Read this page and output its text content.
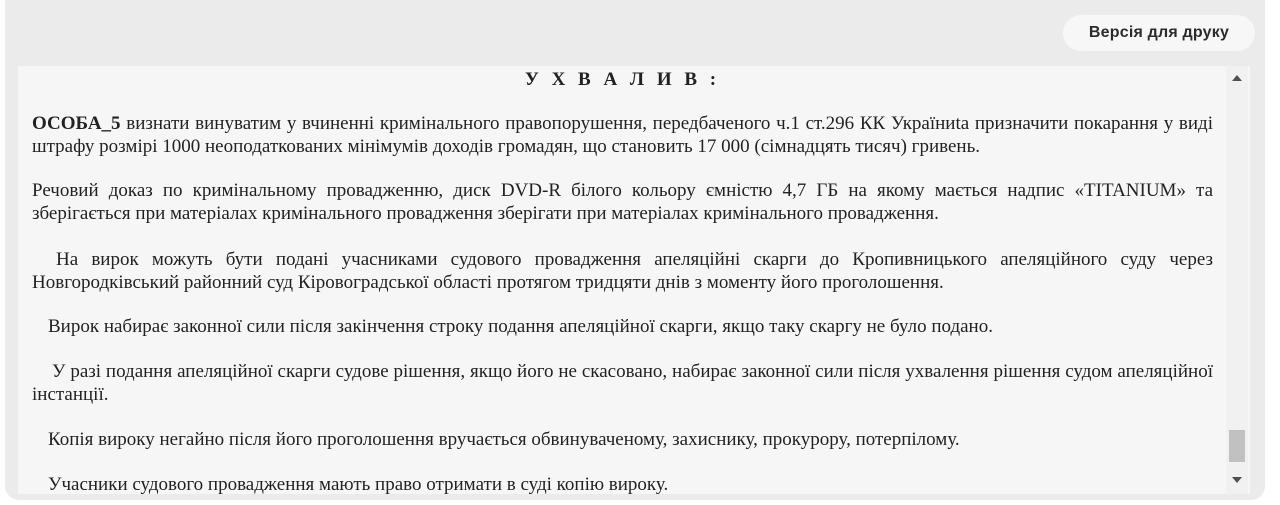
Версія для друку
У Х В А Л И В :

ОСОБА_5 визнати винуватим у вчиненні кримінального правопорушення, передбаченого ч.1 ст.296 КК Україниta призначити покарання у виді штрафу розмірі 1000 неоподаткованих мінімумів доходів громадян, що становить 17 000 (сімнадцять тисяч) гривень.

Речовий доказ по кримінальному провадженню, диск DVD-R білого кольору ємністю 4,7 ГБ на якому мається надпис «TITANIUM» та зберігається при матеріалах кримінального провадження зберігати при матеріалах кримінального провадження.

На вирок можуть бути подані учасниками судового провадження апеляційні скарги до Кропивницького апеляційного суду через Новгородківський районний суд Кіровоградської області протягом тридцяти днів з моменту його проголошення.

Вирок набирає законної сили після закінчення строку подання апеляційної скарги, якщо таку скаргу не було подано.

У разі подання апеляційної скарги судове рішення, якщо його не скасовано, набирає законної сили після ухвалення рішення судом апеляційної інстанції.

Копія вироку негайно після його проголошення вручається обвинуваченому, захиснику, прокурору, потерпілому.

Учасники судового провадження мають право отримати в суді копію вироку.
